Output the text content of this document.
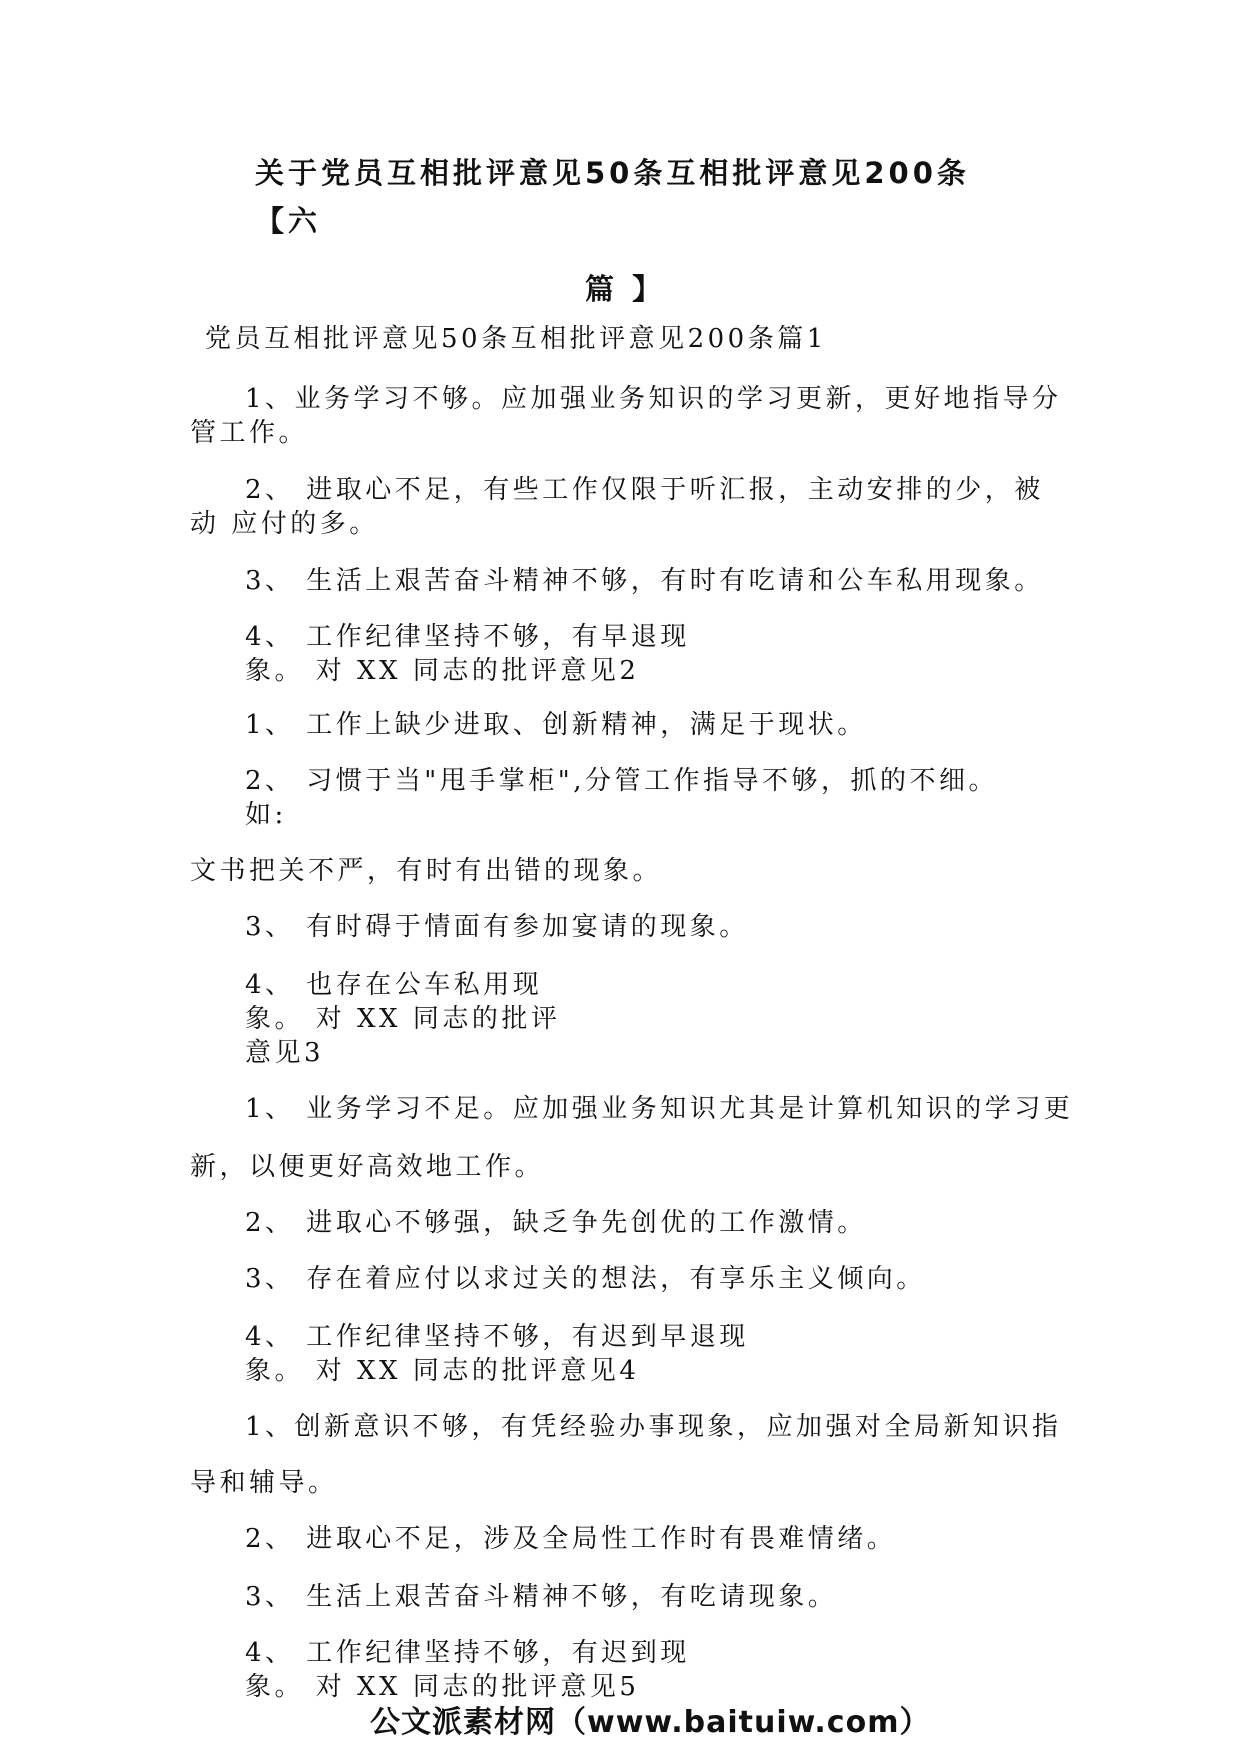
关于党员互相批评意见50条互相批评意见200条
【六
篇 】
党员互相批评意见50条互相批评意见200条篇1
1、业务学习不够。应加强业务知识的学习更新，更好地指导分
管工作。
2、 进取心不足，有些工作仅限于听汇报，主动安排的少，被
动 应付的多。
3、 生活上艰苦奋斗精神不够，有时有吃请和公车私用现象。
4、 工作纪律坚持不够，有早退现
象。 对 XX 同志的批评意见2
1、 工作上缺少进取、创新精神，满足于现状。
2、 习惯于当"甩手掌柜",分管工作指导不够，抓的不细。
如:
文书把关不严，有时有出错的现象。
3、 有时碍于情面有参加宴请的现象。
4、 也存在公车私用现
象。 对 XX 同志的批评
意见3
1、 业务学习不足。应加强业务知识尤其是计算机知识的学习更
新，以便更好高效地工作。
2、 进取心不够强，缺乏争先创优的工作激情。
3、 存在着应付以求过关的想法，有享乐主义倾向。
4、 工作纪律坚持不够，有迟到早退现
象。 对 XX 同志的批评意见4
1、创新意识不够，有凭经验办事现象，应加强对全局新知识指
导和辅导。
2、 进取心不足，涉及全局性工作时有畏难情绪。
3、 生活上艰苦奋斗精神不够，有吃请现象。
4、 工作纪律坚持不够，有迟到现
象。 对 XX 同志的批评意见5
公文派素材网（www.baituiw.com）
